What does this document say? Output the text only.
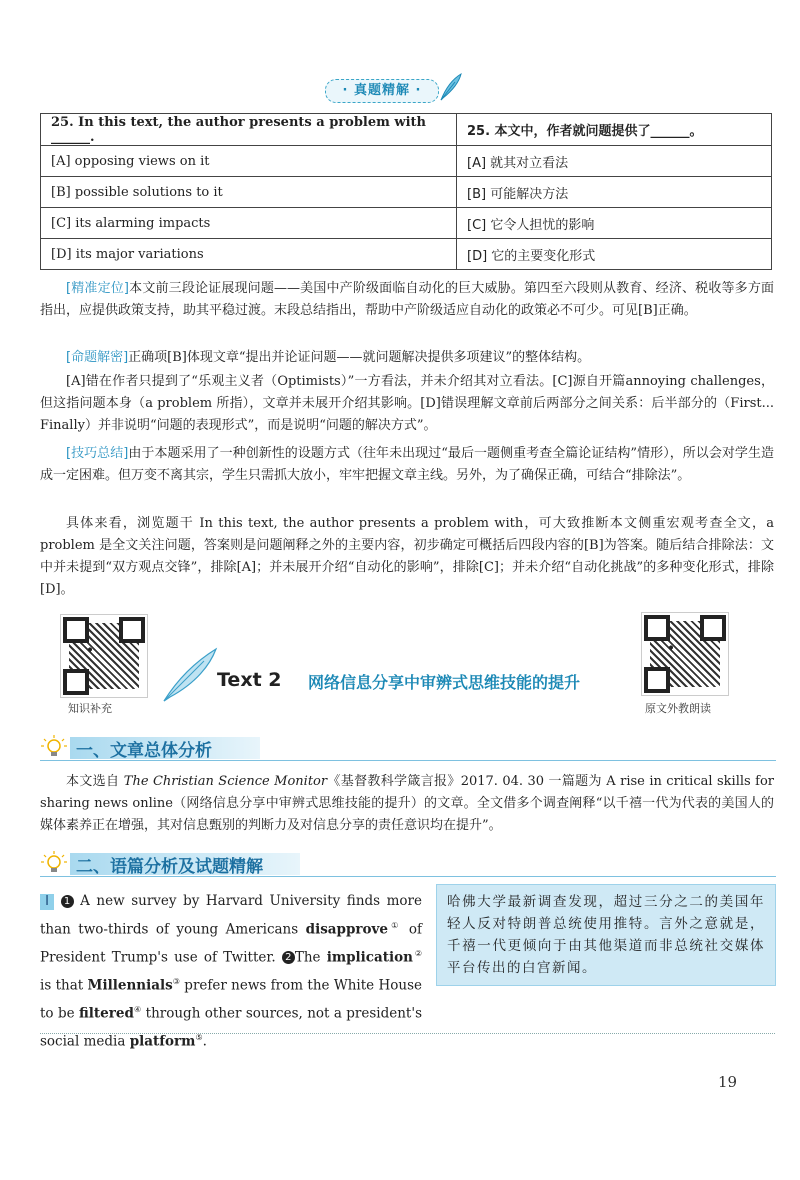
· 真题精解 ·
25. In this text, the author presents a problem with ______.	25. 本文中，作者就问题提供了______。
[A] opposing views on it	[A] 就其对立看法
[B] possible solutions to it	[B] 可能解决方法
[C] its alarming impacts	[C] 它令人担忧的影响
[D] its major variations	[D] 它的主要变化形式
[精准定位]本文前三段论证展现问题——美国中产阶级面临自动化的巨大威胁。第四至六段则从教育、经济、税收等多方面指出，应提供政策支持，助其平稳过渡。末段总结指出，帮助中产阶级适应自动化的政策必不可少。可见[B]正确。
[命题解密]正确项[B]体现文章“提出并论证问题——就问题解决提供多项建议”的整体结构。
[A]错在作者只提到了“乐观主义者（Optimists）”一方看法，并未介绍其对立看法。[C]源自开篇annoying challenges，但这指问题本身（a problem 所指），文章并未展开介绍其影响。[D]错误理解文章前后两部分之间关系：后半部分的（First... Finally）并非说明“问题的表现形式”，而是说明“问题的解决方式”。
[技巧总结]由于本题采用了一种创新性的设题方式（往年未出现过“最后一题侧重考查全篇论证结构”情形），所以会对学生造成一定困难。但万变不离其宗，学生只需抓大放小，牢牢把握文章主线。另外，为了确保正确，可结合“排除法”。
具体来看，浏览题干 In this text, the author presents a problem with，可大致推断本文侧重宏观考查全文，a problem 是全文关注问题，答案则是问题阐释之外的主要内容，初步确定可概括后四段内容的[B]为答案。随后结合排除法：文中并未提到“双方观点交锋”，排除[A]；并未展开介绍“自动化的影响”，排除[C]；并未介绍“自动化挑战”的多种变化形式，排除[D]。
知识补充
Text 2 网络信息分享中审辨式思维技能的提升
原文外教朗读
一、文章总体分析
本文选自 The Christian Science Monitor《基督教科学箴言报》2017. 04. 30 一篇题为 A rise in critical skills for sharing news online（网络信息分享中审辨式思维技能的提升）的文章。全文借多个调查阐释“以千禧一代为代表的美国人的媒体素养正在增强，其对信息甄别的判断力及对信息分享的责任意识均在提升”。
二、语篇分析及试题精解
I 1 A new survey by Harvard University finds more than two-thirds of young Americans disapprove① of President Trump's use of Twitter. 2 The implication② is that Millennials③ prefer news from the White House to be filtered④ through other sources, not a president's social media platform⑤.
哈佛大学最新调查发现，超过三分之二的美国年轻人反对特朗普总统使用推特。言外之意就是，千禧一代更倾向于由其他渠道而非总统社交媒体平台传出的白宫新闻。
19
